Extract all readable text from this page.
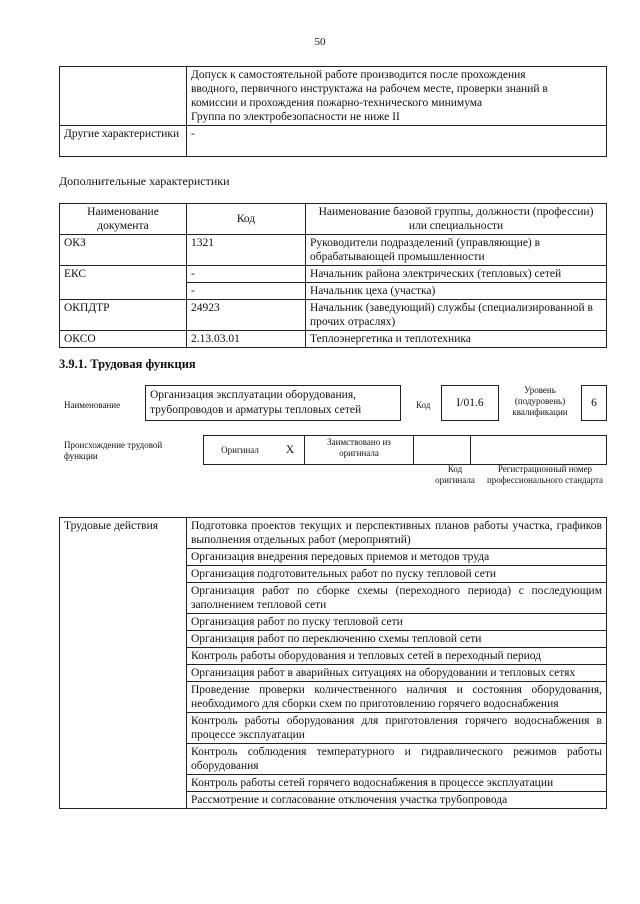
50

	Допуск к самостоятельной работе производится после прохождения
вводного, первичного инструктажа на рабочем месте, проверки знаний в
комиссии и прохождения пожарно-технического минимума
Группа по электробезопасности не ниже II

Другие характеристики	-
Дополнительные характеристики
Наименование документа	Код	Наименование базовой группы, должности (профессии) или специальности
ОКЗ	1321	Руководители подразделений (управляющие) в обрабатывающей промышленности
ЕКС	-	Начальник района электрических (тепловых) сетей
	-	Начальник цеха (участка)
ОКПДТР	24923	Начальник (заведующий) службы (специализированной в прочих отраслях)
ОКСО	2.13.03.01	Теплоэнергетика и теплотехника
3.9.1. Трудовая функция
Наименование
Организация эксплуатации оборудования, трубопроводов и арматуры тепловых сетей	Код	I/01.6
Уровень (подуровень) квалификации
6
Происхождение трудовой функции
Оригинал	X	Заимствовано из оригинала		
Код оригинала
Регистрационный номер профессионального стандарта
Трудовые действия	Подготовка проектов текущих и перспективных планов работы участка, графиков выполнения отдельных работ (мероприятий)
Организация внедрения передовых приемов и методов труда
Организация подготовительных работ по пуску тепловой сети
Организация работ по сборке схемы (переходного периода) с последующим заполнением тепловой сети
Организация работ по пуску тепловой сети
Организация работ по переключению схемы тепловой сети
Контроль работы оборудования и тепловых сетей в переходный период
Организация работ в аварийных ситуациях на оборудовании и тепловых сетях
Проведение проверки количественного наличия и состояния оборудования, необходимого для сборки схем по приготовлению горячего водоснабжения
Контроль работы оборудования для приготовления горячего водоснабжения в процессе эксплуатации
Контроль соблюдения температурного и гидравлического режимов работы оборудования
Контроль работы сетей горячего водоснабжения в процессе эксплуатации
Рассмотрение и согласование отключения участка трубопровода
